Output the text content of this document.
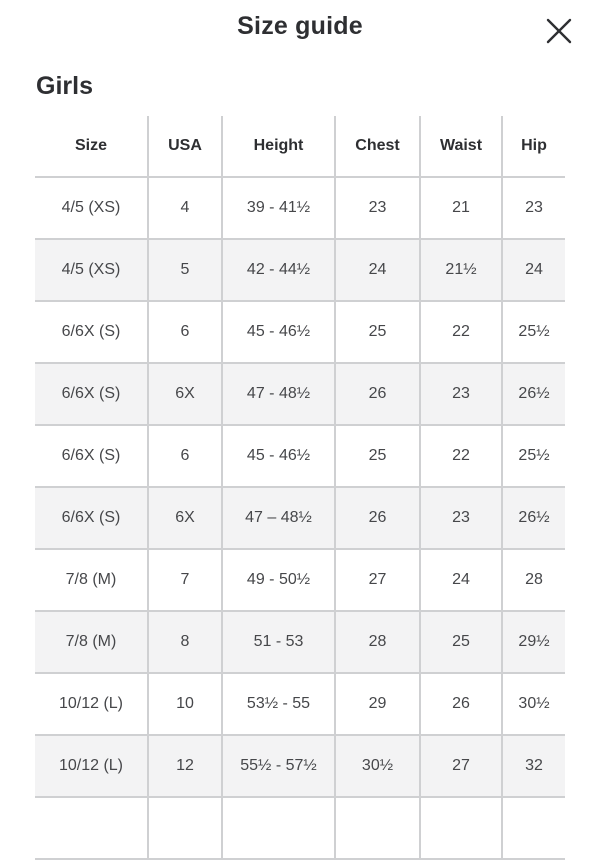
Size guide
Girls
Size	USA	Height	Chest	Waist	Hip
4/5 (XS)	4	39 - 41½	23	21	23
4/5 (XS)	5	42 - 44½	24	21½	24
6/6X (S)	6	45 - 46½	25	22	25½
6/6X (S)	6X	47 - 48½	26	23	26½
6/6X (S)	6	45 - 46½	25	22	25½
6/6X (S)	6X	47 – 48½	26	23	26½
7/8 (M)	7	49 - 50½	27	24	28
7/8 (M)	8	51 - 53	28	25	29½
10/12 (L)	10	53½ - 55	29	26	30½
10/12 (L)	12	55½ - 57½	30½	27	32
